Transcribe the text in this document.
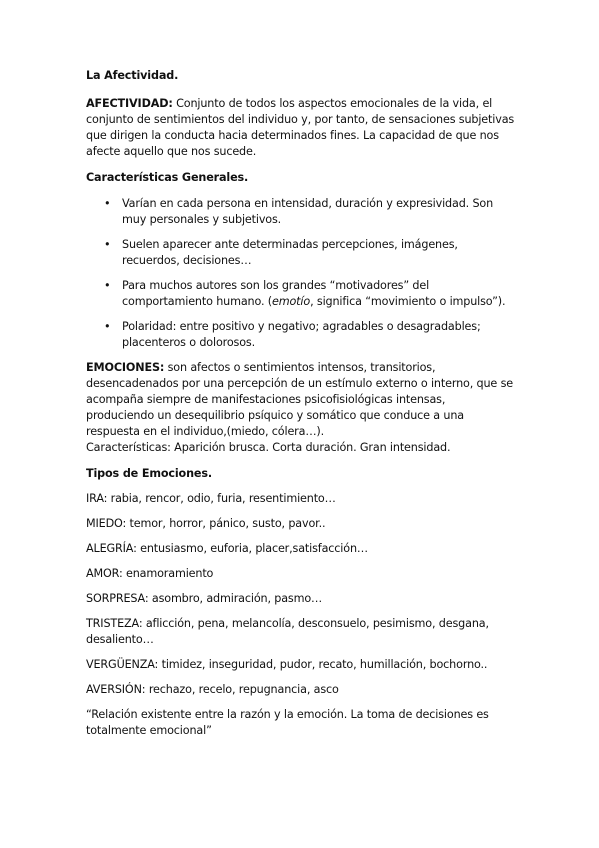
La Afectividad.

AFECTIVIDAD: Conjunto de todos los aspectos emocionales de la vida, el conjunto de sentimientos del individuo y, por tanto, de sensaciones subjetivas que dirigen la conducta hacia determinados fines. La capacidad de que nos afecte aquello que nos sucede.

Características Generales.

• Varían en cada persona en intensidad, duración y expresividad. Son muy personales y subjetivos.
• Suelen aparecer ante determinadas percepciones, imágenes, recuerdos, decisiones…
• Para muchos autores son los grandes “motivadores” del comportamiento humano. (emotío, significa “movimiento o impulso”).
• Polaridad: entre positivo y negativo; agradables o desagradables; placenteros o dolorosos.

EMOCIONES: son afectos o sentimientos intensos, transitorios, desencadenados por una percepción de un estímulo externo o interno, que se acompaña siempre de manifestaciones psicofisiológicas intensas, produciendo un desequilibrio psíquico y somático que conduce a una respuesta en el individuo,(miedo, cólera…).

Características: Aparición brusca. Corta duración. Gran intensidad.

Tipos de Emociones.

IRA: rabia, rencor, odio, furia, resentimiento…

MIEDO: temor, horror, pánico, susto, pavor..

ALEGRÍA: entusiasmo, euforia, placer,satisfacción…

AMOR: enamoramiento

SORPRESA: asombro, admiración, pasmo…

TRISTEZA: aflicción, pena, melancolía, desconsuelo, pesimismo, desgana, desaliento…

VERGÜENZA: timidez, inseguridad, pudor, recato, humillación, bochorno..

AVERSIÓN: rechazo, recelo, repugnancia, asco

“Relación existente entre la razón y la emoción. La toma de decisiones es totalmente emocional”
